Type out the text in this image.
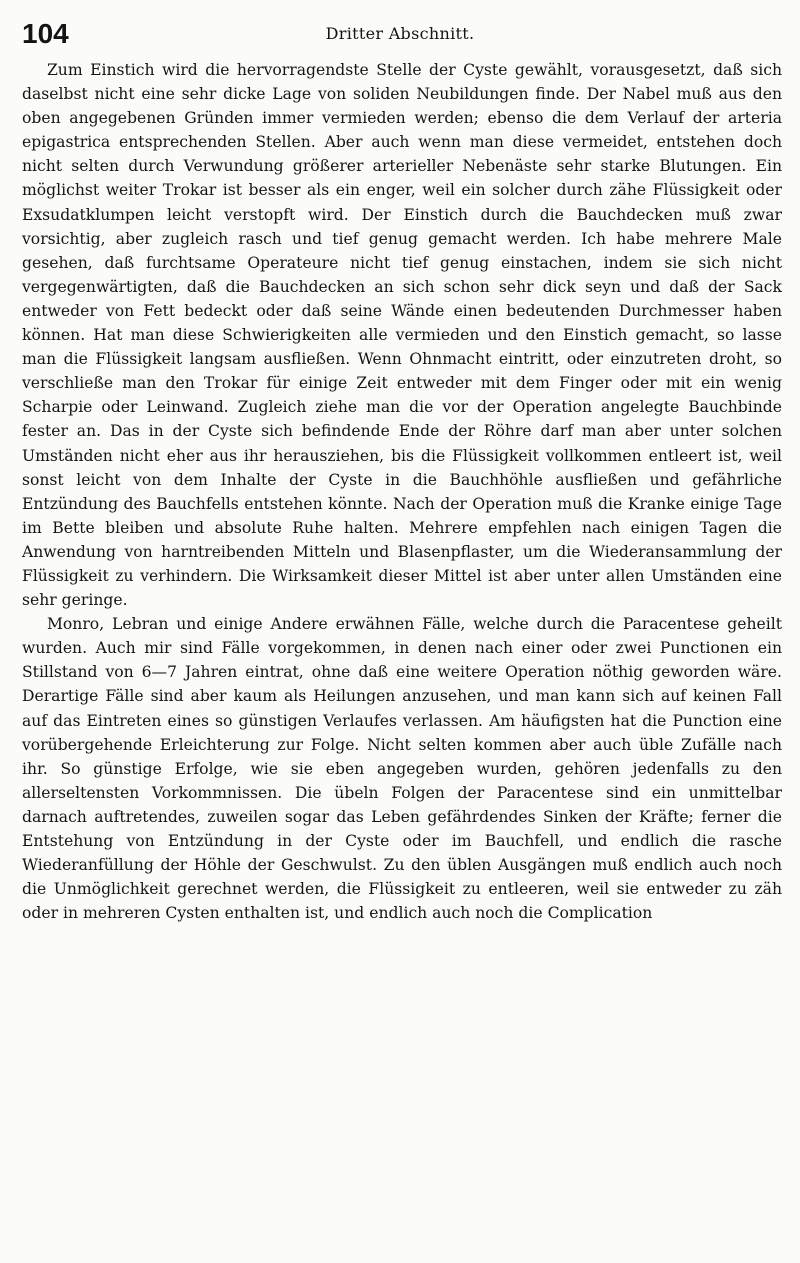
104	Dritter Abschnitt.

Zum Einstich wird die hervorragendste Stelle der Cyste gewählt, vorausgesetzt, daß sich daselbst nicht eine sehr dicke Lage von soliden Neubildungen finde. Der Nabel muß aus den oben angegebenen Gründen immer vermieden werden; ebenso die dem Verlauf der arteria epigastrica entsprechenden Stellen. Aber auch wenn man diese vermeidet, entstehen doch nicht selten durch Verwundung größerer arterieller Nebenäste sehr starke Blutungen. Ein möglichst weiter Trokar ist besser als ein enger, weil ein solcher durch zähe Flüssigkeit oder Exsudatklumpen leicht verstopft wird. Der Einstich durch die Bauchdecken muß zwar vorsichtig, aber zugleich rasch und tief genug gemacht werden. Ich habe mehrere Male gesehen, daß furchtsame Operateure nicht tief genug einstachen, indem sie sich nicht vergegenwärtigten, daß die Bauchdecken an sich schon sehr dick seyn und daß der Sack entweder von Fett bedeckt oder daß seine Wände einen bedeutenden Durchmesser haben können. Hat man diese Schwierigkeiten alle vermieden und den Einstich gemacht, so lasse man die Flüssigkeit langsam ausfließen. Wenn Ohnmacht eintritt, oder einzutreten droht, so verschließe man den Trokar für einige Zeit entweder mit dem Finger oder mit ein wenig Scharpie oder Leinwand. Zugleich ziehe man die vor der Operation angelegte Bauchbinde fester an. Das in der Cyste sich befindende Ende der Röhre darf man aber unter solchen Umständen nicht eher aus ihr herausziehen, bis die Flüssigkeit vollkommen entleert ist, weil sonst leicht von dem Inhalte der Cyste in die Bauchhöhle ausfließen und gefährliche Entzündung des Bauchfells entstehen könnte. Nach der Operation muß die Kranke einige Tage im Bette bleiben und absolute Ruhe halten. Mehrere empfehlen nach einigen Tagen die Anwendung von harntreibenden Mitteln und Blasenpflaster, um die Wiederansammlung der Flüssigkeit zu verhindern. Die Wirksamkeit dieser Mittel ist aber unter allen Umständen eine sehr geringe.

Monro, Lebran und einige Andere erwähnen Fälle, welche durch die Paracentese geheilt wurden. Auch mir sind Fälle vorgekommen, in denen nach einer oder zwei Punctionen ein Stillstand von 6—7 Jahren eintrat, ohne daß eine weitere Operation nöthig geworden wäre. Derartige Fälle sind aber kaum als Heilungen anzusehen, und man kann sich auf keinen Fall auf das Eintreten eines so günstigen Verlaufes verlassen. Am häufigsten hat die Punction eine vorübergehende Erleichterung zur Folge. Nicht selten kommen aber auch üble Zufälle nach ihr. So günstige Erfolge, wie sie eben angegeben wurden, gehören jedenfalls zu den allerseltensten Vorkommnissen. Die übeln Folgen der Paracentese sind ein unmittelbar darnach auftretendes, zuweilen sogar das Leben gefährdendes Sinken der Kräfte; ferner die Entstehung von Entzündung in der Cyste oder im Bauchfell, und endlich die rasche Wiederanfüllung der Höhle der Geschwulst. Zu den üblen Ausgängen muß endlich auch noch die Unmöglichkeit gerechnet werden, die Flüssigkeit zu entleeren, weil sie entweder zu zäh oder in mehreren Cysten enthalten ist, und endlich auch noch die Complication
